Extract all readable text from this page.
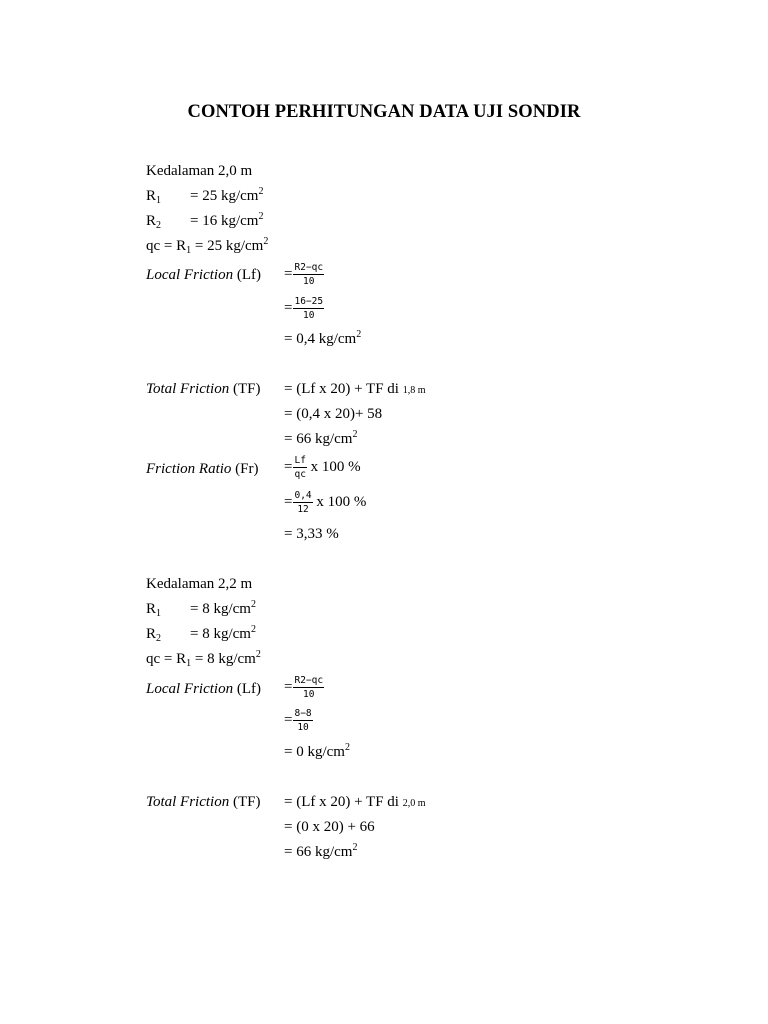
CONTOH PERHITUNGAN DATA UJI SONDIR
Kedalaman 2,0 m
$R_1 = 25$ $kg/cm^2$
$R_2 = 16$ $kg/cm^2$
qc = $R_1 = 25$ $kg/cm^2$
Local Friction $(Lf) = \frac{R2-qc}{10}$
= $\frac{16-25}{10}$
= 0,4 $kg/cm^2$
Total Friction (TF) = (Lf x 20) + TF di 1,8 m
= (0,4 x 20)+ 58
= 66 $kg/cm^2$
Friction Ratio $(Fr) = \frac{Lf}{qc}$ x 100 %
= $\frac{0,4}{12}$ x 100 %
= 3,33 %
Kedalaman 2,2 m
$R_1 = 8$ $kg/cm^2$
$R_2 = 8$ $kg/cm^2$
qc = $R_1 = 8$ $kg/cm^2$
Local Friction $(Lf) = \frac{R2-qc}{10}$
= $\frac{8-8}{10}$
= 0 $kg/cm^2$
Total Friction (TF) = (Lf x 20) + TF di 2,0 m
= (0 x 20) + 66
= 66 $kg/cm^2$
